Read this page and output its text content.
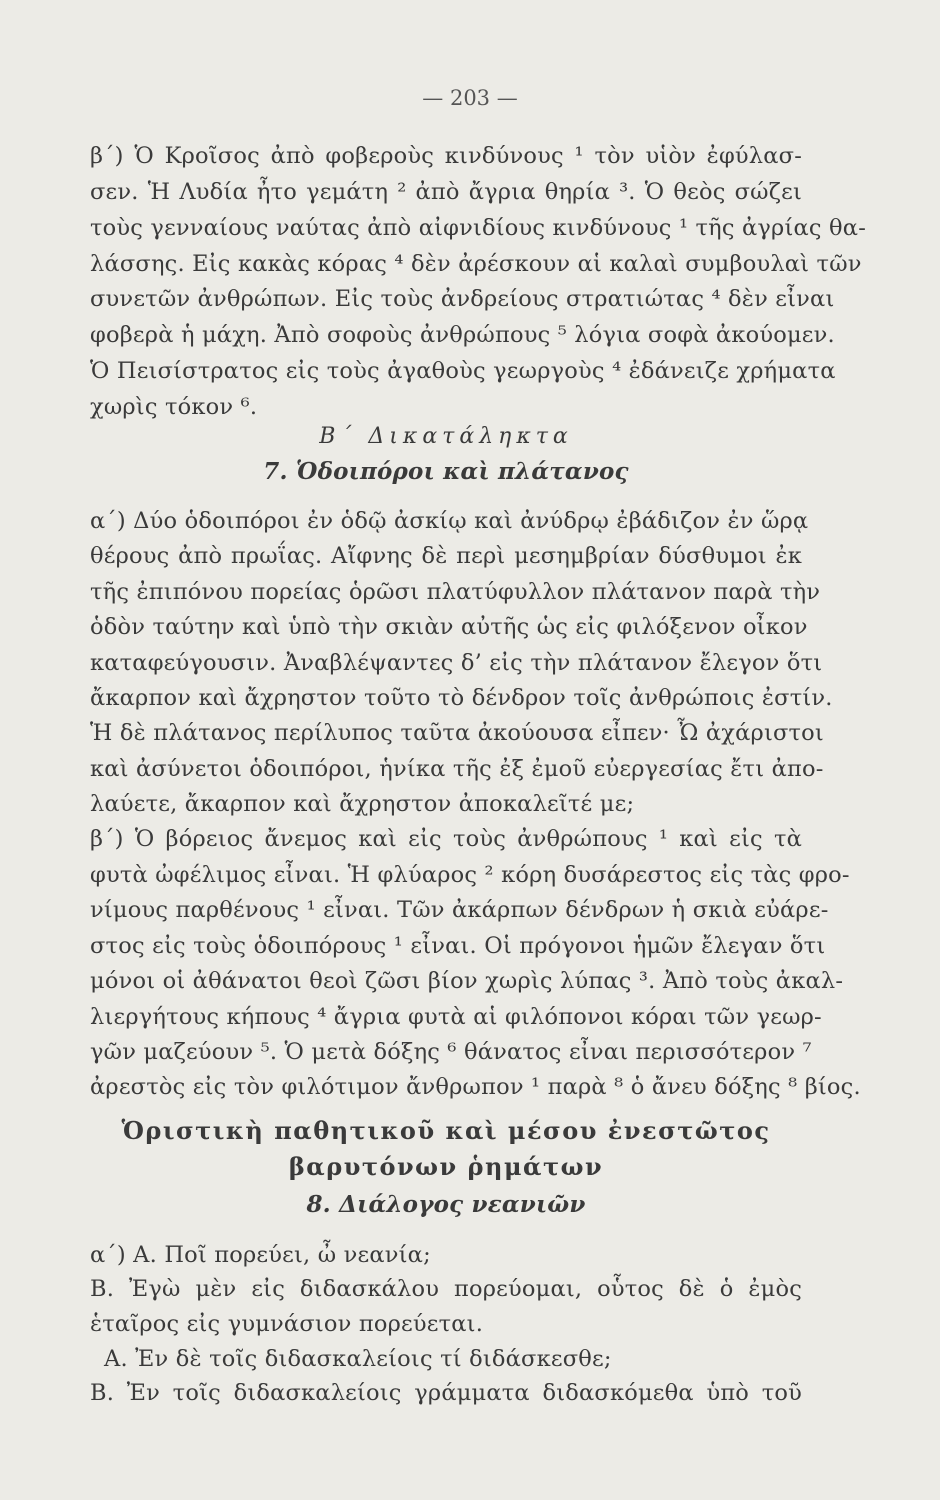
— 203 —
β΄) Ὁ Κροῖσος ἀπὸ φοβεροὺς κινδύνους ¹ τὸν υἱὸν ἐφύλασ-
σεν. Ἡ Λυδία ἦτο γεμάτη ² ἀπὸ ἄγρια θηρία ³. Ὁ θεὸς σώζει
τοὺς γενναίους ναύτας ἀπὸ αἰφνιδίους κινδύνους ¹ τῆς ἀγρίας θα-
λάσσης. Εἰς κακὰς κόρας ⁴ δὲν ἀρέσκουν αἱ καλαὶ συμβουλαὶ τῶν
συνετῶν ἀνθρώπων. Εἰς τοὺς ἀνδρείους στρατιώτας ⁴ δὲν εἶναι
φοβερὰ ἡ μάχη. Ἀπὸ σοφοὺς ἀνθρώπους ⁵ λόγια σοφὰ ἀκούομεν.
Ὁ Πεισίστρατος εἰς τοὺς ἀγαθοὺς γεωργοὺς ⁴ ἐδάνειζε χρήματα
χωρὶς τόκον ⁶.
Β΄ Δικατάληκτα
7. Ὁδοιπόροι καὶ πλάτανος
α΄) Δύο ὁδοιπόροι ἐν ὁδῷ ἀσκίῳ καὶ ἀνύδρῳ ἐβάδιζον ἐν ὥρᾳ
θέρους ἀπὸ πρωΐας. Αἴφνης δὲ περὶ μεσημβρίαν δύσθυμοι ἐκ
τῆς ἐπιπόνου πορείας ὁρῶσι πλατύφυλλον πλάτανον παρὰ τὴν
ὁδὸν ταύτην καὶ ὑπὸ τὴν σκιὰν αὐτῆς ὡς εἰς φιλόξενον οἶκον
καταφεύγουσιν. Ἀναβλέψαντες δ’ εἰς τὴν πλάτανον ἔλεγον ὅτι
ἄκαρπον καὶ ἄχρηστον τοῦτο τὸ δένδρον τοῖς ἀνθρώποις ἐστίν.
Ἡ δὲ πλάτανος περίλυπος ταῦτα ἀκούουσα εἶπεν· Ὦ ἀχάριστοι
καὶ ἀσύνετοι ὁδοιπόροι, ἡνίκα τῆς ἐξ ἐμοῦ εὐεργεσίας ἔτι ἀπο-
λαύετε, ἄκαρπον καὶ ἄχρηστον ἀποκαλεῖτέ με;
β΄) Ὁ βόρειος ἄνεμος καὶ εἰς τοὺς ἀνθρώπους ¹ καὶ εἰς τὰ
φυτὰ ὠφέλιμος εἶναι. Ἡ φλύαρος ² κόρη δυσάρεστος εἰς τὰς φρο-
νίμους παρθένους ¹ εἶναι. Τῶν ἀκάρπων δένδρων ἡ σκιὰ εὐάρε-
στος εἰς τοὺς ὁδοιπόρους ¹ εἶναι. Οἱ πρόγονοι ἡμῶν ἔλεγαν ὅτι
μόνοι οἱ ἀθάνατοι θεοὶ ζῶσι βίον χωρὶς λύπας ³. Ἀπὸ τοὺς ἀκαλ-
λιεργήτους κήπους ⁴ ἄγρια φυτὰ αἱ φιλόπονοι κόραι τῶν γεωρ-
γῶν μαζεύουν ⁵. Ὁ μετὰ δόξης ⁶ θάνατος εἶναι περισσότερον ⁷
ἀρεστὸς εἰς τὸν φιλότιμον ἄνθρωπον ¹ παρὰ ⁸ ὁ ἄνευ δόξης ⁸ βίος.
Ὁριστικὴ παθητικοῦ καὶ μέσου ἐνεστῶτος
βαρυτόνων ῥημάτων
8. Διάλογος νεανιῶν
α΄) Α. Ποῖ πορεύει, ὦ νεανία;
Β. Ἐγὼ μὲν εἰς διδασκάλου πορεύομαι, οὗτος δὲ ὁ ἐμὸς
ἑταῖρος εἰς γυμνάσιον πορεύεται.
Α. Ἐν δὲ τοῖς διδασκαλείοις τί διδάσκεσθε;
Β. Ἐν τοῖς διδασκαλείοις γράμματα διδασκόμεθα ὑπὸ τοῦ
